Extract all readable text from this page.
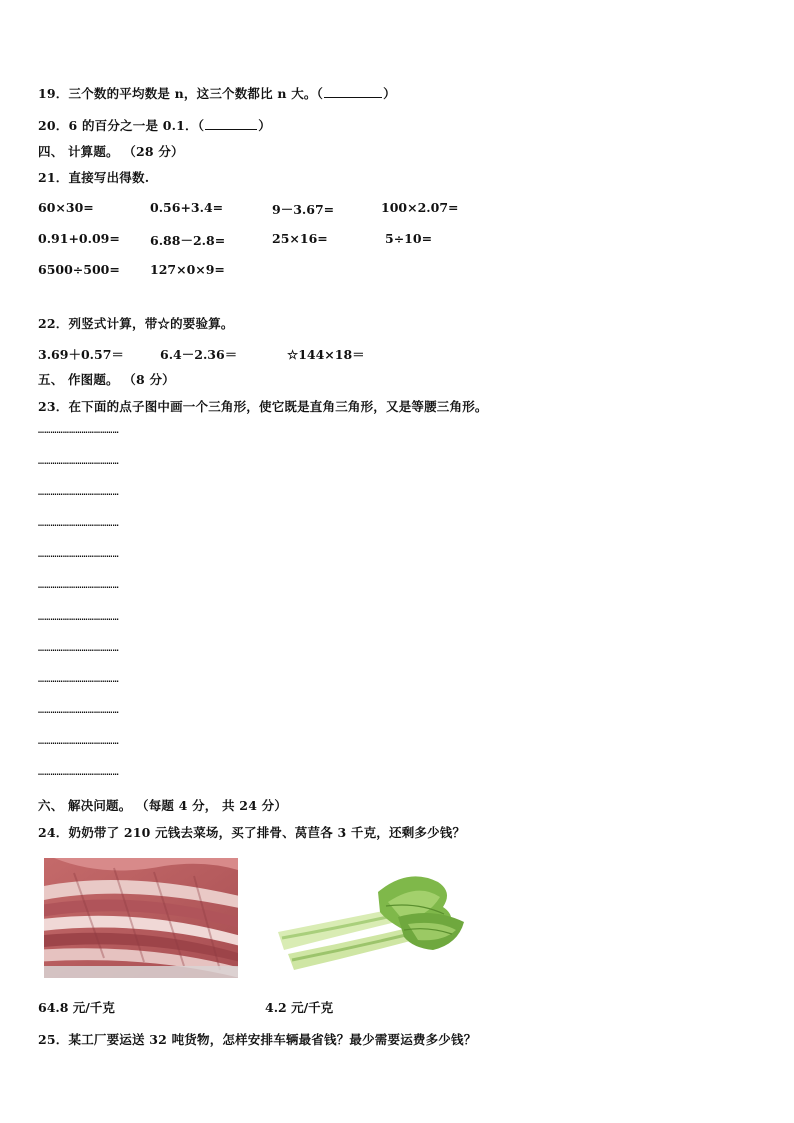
19．三个数的平均数是 n，这三个数都比 n 大。（	）
20．6 的百分之一是 0.1．（	）
四、 计算题。 （28 分）
21．直接写出得数.
60×30=	0.56+3.4=	9－3.67=	100×2.07=
0.91+0.09= 6.88－2.8=	25×16=	5÷10=
6500÷500= 127×0×9=
22．列竖式计算，带☆的要验算。
3.69＋0.57＝	6.4－2.36＝	☆144×18＝
五、 作图题。 （8 分）
23．在下面的点子图中画一个三角形，使它既是直角三角形，又是等腰三角形。
…………………………………
…………………………………
…………………………………
…………………………………
…………………………………
…………………………………
…………………………………
…………………………………
…………………………………
…………………………………
…………………………………
…………………………………
六、 解决问题。 （每题 4 分， 共 24 分）
24．奶奶带了 210 元钱去菜场，买了排骨、莴苣各 3 千克，还剩多少钱？
64.8 元/千克	4.2 元/千克
25．某工厂要运送 32 吨货物，怎样安排车辆最省钱？最少需要运费多少钱？
